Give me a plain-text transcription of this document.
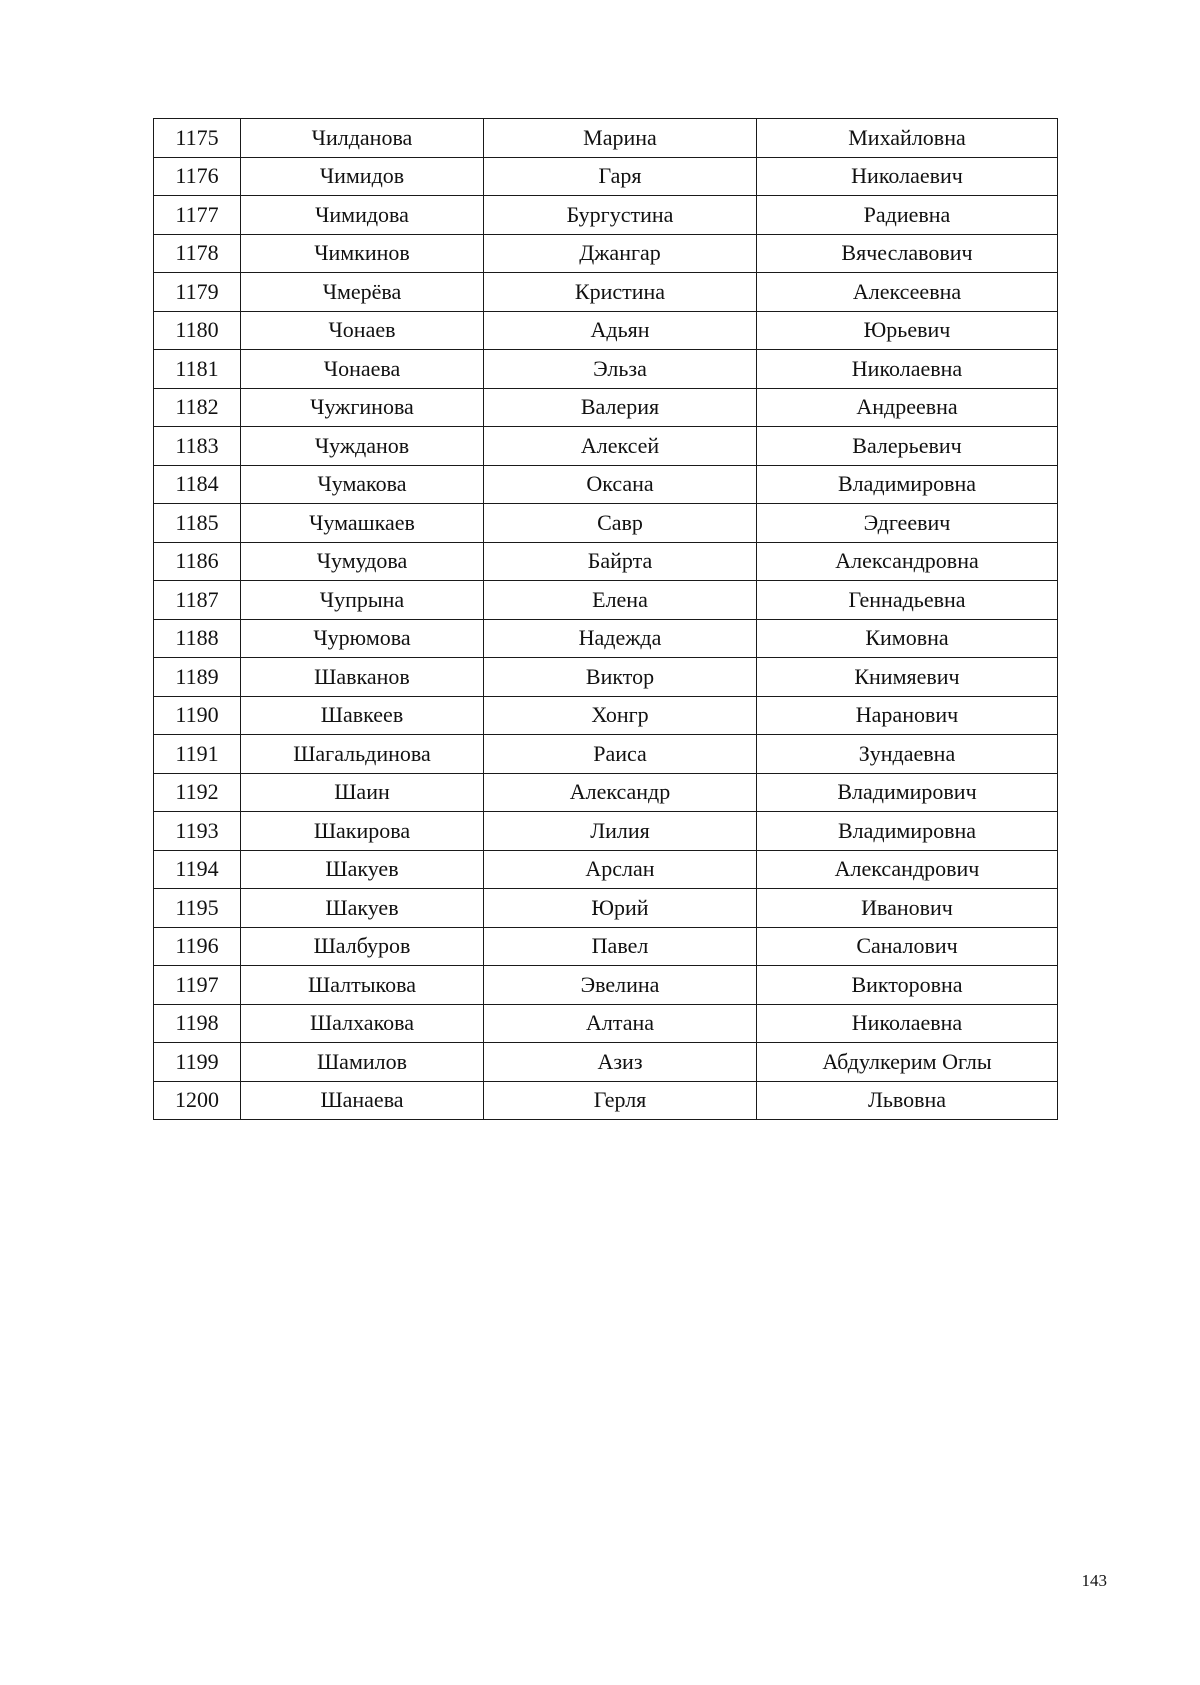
1175	Чилданова	Марина	Михайловна
1176	Чимидов	Гаря	Николаевич
1177	Чимидова	Бургустина	Радиевна
1178	Чимкинов	Джангар	Вячеславович
1179	Чмерёва	Кристина	Алексеевна
1180	Чонаев	Адьян	Юрьевич
1181	Чонаева	Эльза	Николаевна
1182	Чужгинова	Валерия	Андреевна
1183	Чужданов	Алексей	Валерьевич
1184	Чумакова	Оксана	Владимировна
1185	Чумашкаев	Савр	Эдгеевич
1186	Чумудова	Байрта	Александровна
1187	Чупрына	Елена	Геннадьевна
1188	Чурюмова	Надежда	Кимовна
1189	Шавканов	Виктор	Книмяевич
1190	Шавкеев	Хонгр	Наранович
1191	Шагальдинова	Раиса	Зундаевна
1192	Шаин	Александр	Владимирович
1193	Шакирова	Лилия	Владимировна
1194	Шакуев	Арслан	Александрович
1195	Шакуев	Юрий	Иванович
1196	Шалбуров	Павел	Саналович
1197	Шалтыкова	Эвелина	Викторовна
1198	Шалхакова	Алтана	Николаевна
1199	Шамилов	Азиз	Абдулкерим Оглы
1200	Шанаева	Герля	Львовна
143
